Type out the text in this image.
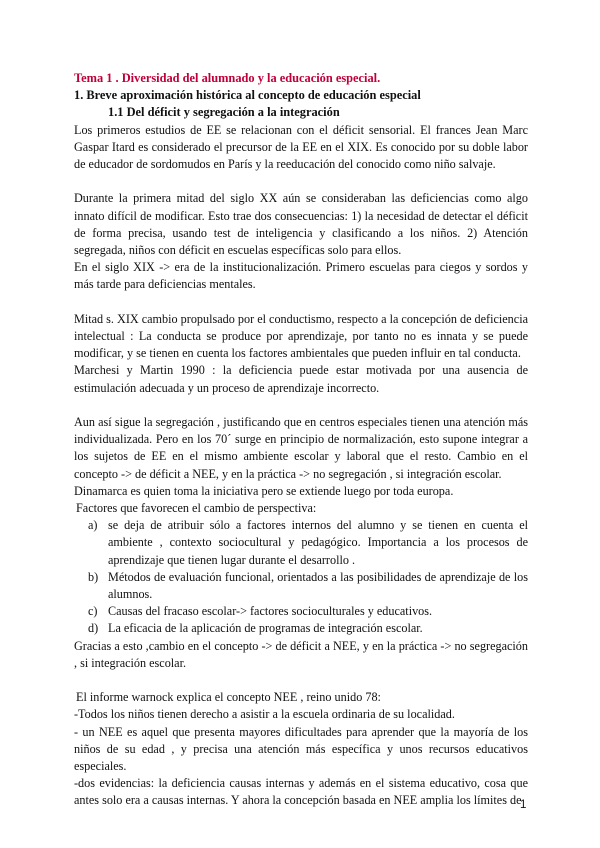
Tema 1 . Diversidad del alumnado y la educación especial.
1. Breve aproximación histórica al concepto de educación especial
1.1 Del déficit y segregación a la integración

Los primeros estudios de EE se relacionan con el déficit sensorial. El frances Jean Marc Gaspar Itard es considerado el precursor de la EE en el XIX. Es conocido por su doble labor de educador de sordomudos en París y la reeducación del conocido como niño salvaje.

Durante la primera mitad del siglo XX aún se consideraban las deficiencias como algo innato difícil de modificar. Esto trae dos consecuencias: 1) la necesidad de detectar el déficit de forma precisa, usando test de inteligencia y clasificando a los niños. 2) Atención segregada, niños con déficit en escuelas específicas solo para ellos.

En el siglo XIX -> era de la institucionalización. Primero escuelas para ciegos y sordos y más tarde para deficiencias mentales.

Mitad s. XIX cambio propulsado por el conductismo, respecto a la concepción de deficiencia intelectual : La conducta se produce por aprendizaje, por tanto no es innata y se puede modificar, y se tienen en cuenta los factores ambientales que pueden influir en tal conducta.

Marchesi y Martin 1990 : la deficiencia puede estar motivada por una ausencia de estimulación adecuada y un proceso de aprendizaje incorrecto.

Aun así sigue la segregación , justificando que en centros especiales tienen una atención más individualizada. Pero en los 70´ surge en principio de normalización, esto supone integrar a los sujetos de EE en el mismo ambiente escolar y laboral que el resto. Cambio en el concepto -> de déficit a NEE, y en la práctica -> no segregación , si integración escolar.

Dinamarca es quien toma la iniciativa pero se extiende luego por toda europa.

Factores que favorecen el cambio de perspectiva:

a) se deja de atribuir sólo a factores internos del alumno y se tienen en cuenta el ambiente , contexto sociocultural y pedagógico. Importancia a los procesos de aprendizaje que tienen lugar durante el desarrollo .
b) Métodos de evaluación funcional, orientados a las posibilidades de aprendizaje de los alumnos.
c) Causas del fracaso escolar-> factores socioculturales y educativos.
d) La eficacia de la aplicación de programas de integración escolar.

Gracias a esto ,cambio en el concepto -> de déficit a NEE, y en la práctica -> no segregación , si integración escolar.

El informe warnock explica el concepto NEE , reino unido 78:

-Todos los niños tienen derecho a asistir a la escuela ordinaria de su localidad.

- un NEE es aquel que presenta mayores dificultades para aprender que la mayoría de los niños de su edad , y precisa una atención más específica y unos recursos educativos especiales.

-dos evidencias: la deficiencia causas internas y además en el sistema educativo, cosa que antes solo era a causas internas. Y ahora la concepción basada en NEE amplia los límites de

1
